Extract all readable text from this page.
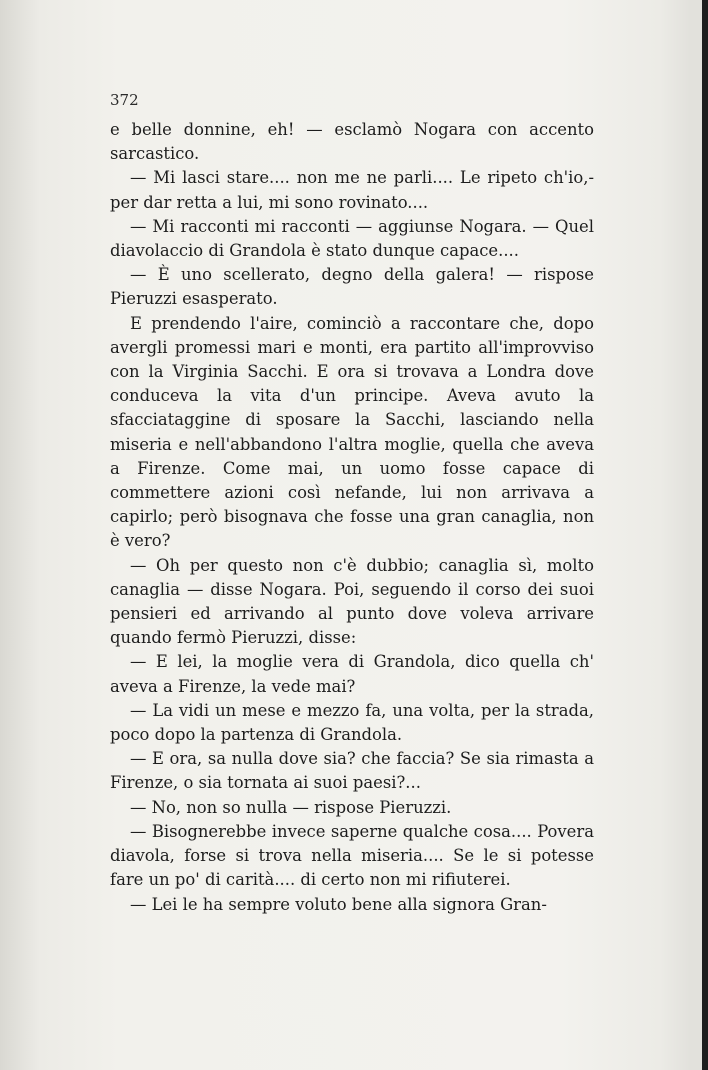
372

e belle donnine, eh! — esclamò Nogara con accento sarcastico.

— Mi lasci stare.... non me ne parli.... Le ripeto ch'io,-per dar retta a lui, mi sono rovinato....

— Mi racconti mi racconti — aggiunse Nogara. — Quel diavolaccio di Grandola è stato dunque capace....

— È uno scellerato, degno della galera! — rispose Pieruzzi esasperato.

E prendendo l'aire, cominciò a raccontare che, dopo avergli promessi mari e monti, era partito all'improvviso con la Virginia Sacchi. E ora si trovava a Londra dove conduceva la vita d'un principe. Aveva avuto la sfacciataggine di sposare la Sacchi, lasciando nella miseria e nell'abbandono l'altra moglie, quella che aveva a Firenze. Come mai, un uomo fosse capace di commettere azioni così nefande, lui non arrivava a capirlo; però bisognava che fosse una gran canaglia, non è vero?

— Oh per questo non c'è dubbio; canaglia sì, molto canaglia — disse Nogara. Poi, seguendo il corso dei suoi pensieri ed arrivando al punto dove voleva arrivare quando fermò Pieruzzi, disse:

— E lei, la moglie vera di Grandola, dico quella ch' aveva a Firenze, la vede mai?

— La vidi un mese e mezzo fa, una volta, per la strada, poco dopo la partenza di Grandola.

— E ora, sa nulla dove sia? che faccia? Se sia rimasta a Firenze, o sia tornata ai suoi paesi?...

— No, non so nulla — rispose Pieruzzi.

— Bisognerebbe invece saperne qualche cosa.... Povera diavola, forse si trova nella miseria.... Se le si potesse fare un po' di carità.... di certo non mi rifiuterei.

— Lei le ha sempre voluto bene alla signora Gran-
